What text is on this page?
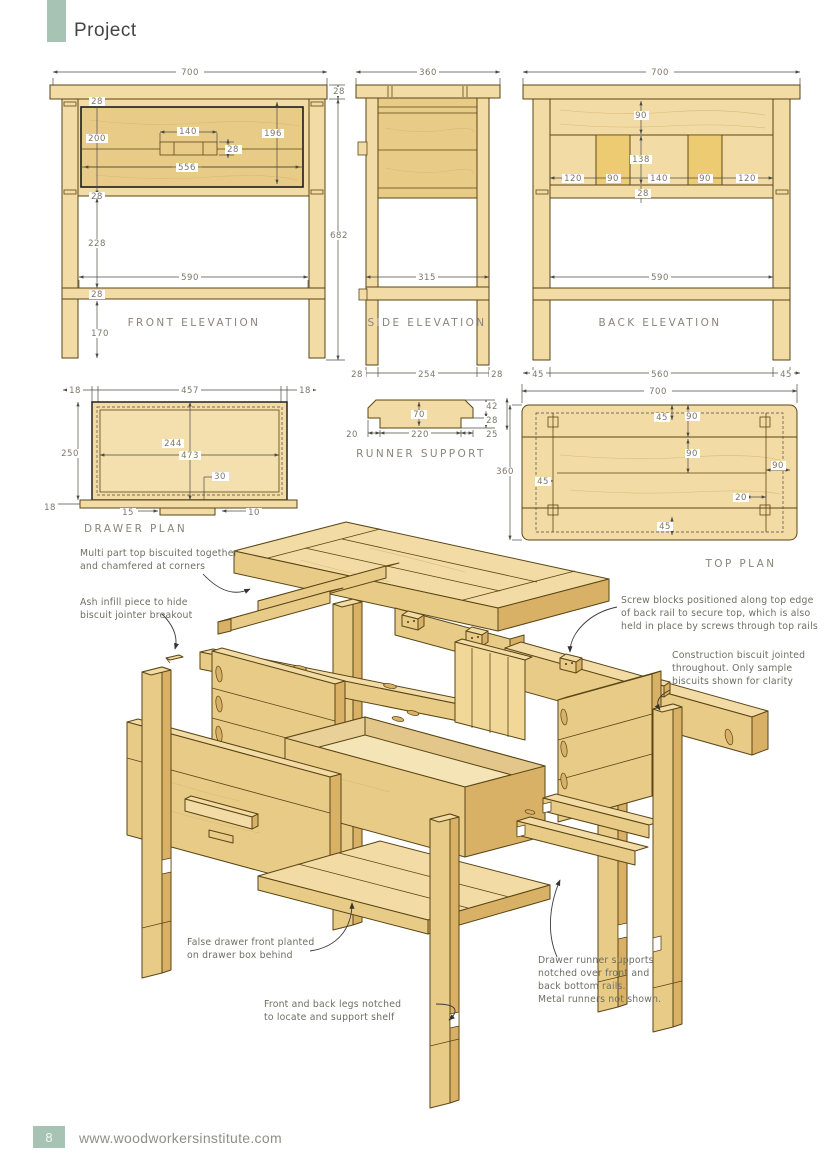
Project
700
28
200
140	196
28
556
28
228
590
28
170
FRONT ELEVATION
28
682
360
315
28	254	28
SIDE ELEVATION
700
90
138
120	90	140	90	120
28
590
45	560	45
BACK ELEVATION
18	457	18
250
244
473
30
18	15	10
DRAWER PLAN
70
42
28
20	220	25
RUNNER SUPPORT
700
360
45 90
90
90
45
20
45
TOP PLAN
Multi part top biscuited together
and chamfered at corners
Ash infill piece to hide
biscuit jointer breakout
Screw blocks positioned along top edge
of back rail to secure top, which is also
held in place by screws through top rails
Construction biscuit jointed
throughout. Only sample
biscuits shown for clarity
False drawer front planted
on drawer box behind
Front and back legs notched
to locate and support shelf
Drawer runner supports
notched over front and
back bottom rails.
Metal runners not shown.
8	www.woodworkersinstitute.com
